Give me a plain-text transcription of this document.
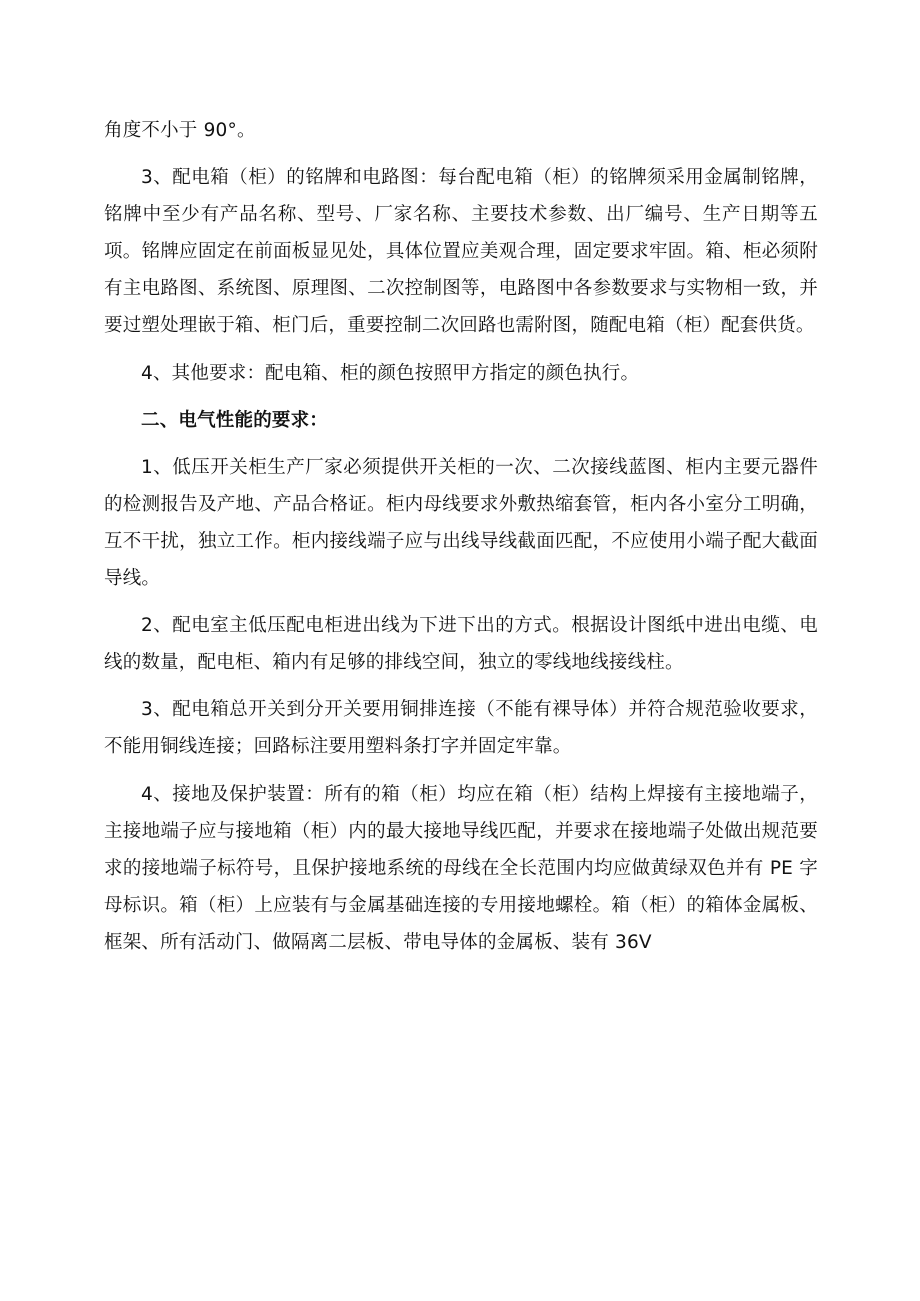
角度不小于 90°。

3、配电箱（柜）的铭牌和电路图：每台配电箱（柜）的铭牌须采用金属制铭牌，铭牌中至少有产品名称、型号、厂家名称、主要技术参数、出厂编号、生产日期等五项。铭牌应固定在前面板显见处，具体位置应美观合理，固定要求牢固。箱、柜必须附有主电路图、系统图、原理图、二次控制图等，电路图中各参数要求与实物相一致，并要过塑处理嵌于箱、柜门后，重要控制二次回路也需附图，随配电箱（柜）配套供货。

4、其他要求：配电箱、柜的颜色按照甲方指定的颜色执行。

二、电气性能的要求：

1、低压开关柜生产厂家必须提供开关柜的一次、二次接线蓝图、柜内主要元器件的检测报告及产地、产品合格证。柜内母线要求外敷热缩套管，柜内各小室分工明确，互不干扰，独立工作。柜内接线端子应与出线导线截面匹配，不应使用小端子配大截面导线。

2、配电室主低压配电柜进出线为下进下出的方式。根据设计图纸中进出电缆、电线的数量，配电柜、箱内有足够的排线空间，独立的零线地线接线柱。

3、配电箱总开关到分开关要用铜排连接（不能有裸导体）并符合规范验收要求，不能用铜线连接；回路标注要用塑料条打字并固定牢靠。

4、接地及保护装置：所有的箱（柜）均应在箱（柜）结构上焊接有主接地端子，主接地端子应与接地箱（柜）内的最大接地导线匹配，并要求在接地端子处做出规范要求的接地端子标符号，且保护接地系统的母线在全长范围内均应做黄绿双色并有 PE 字母标识。箱（柜）上应装有与金属基础连接的专用接地螺栓。箱（柜）的箱体金属板、框架、所有活动门、做隔离二层板、带电导体的金属板、装有 36V
